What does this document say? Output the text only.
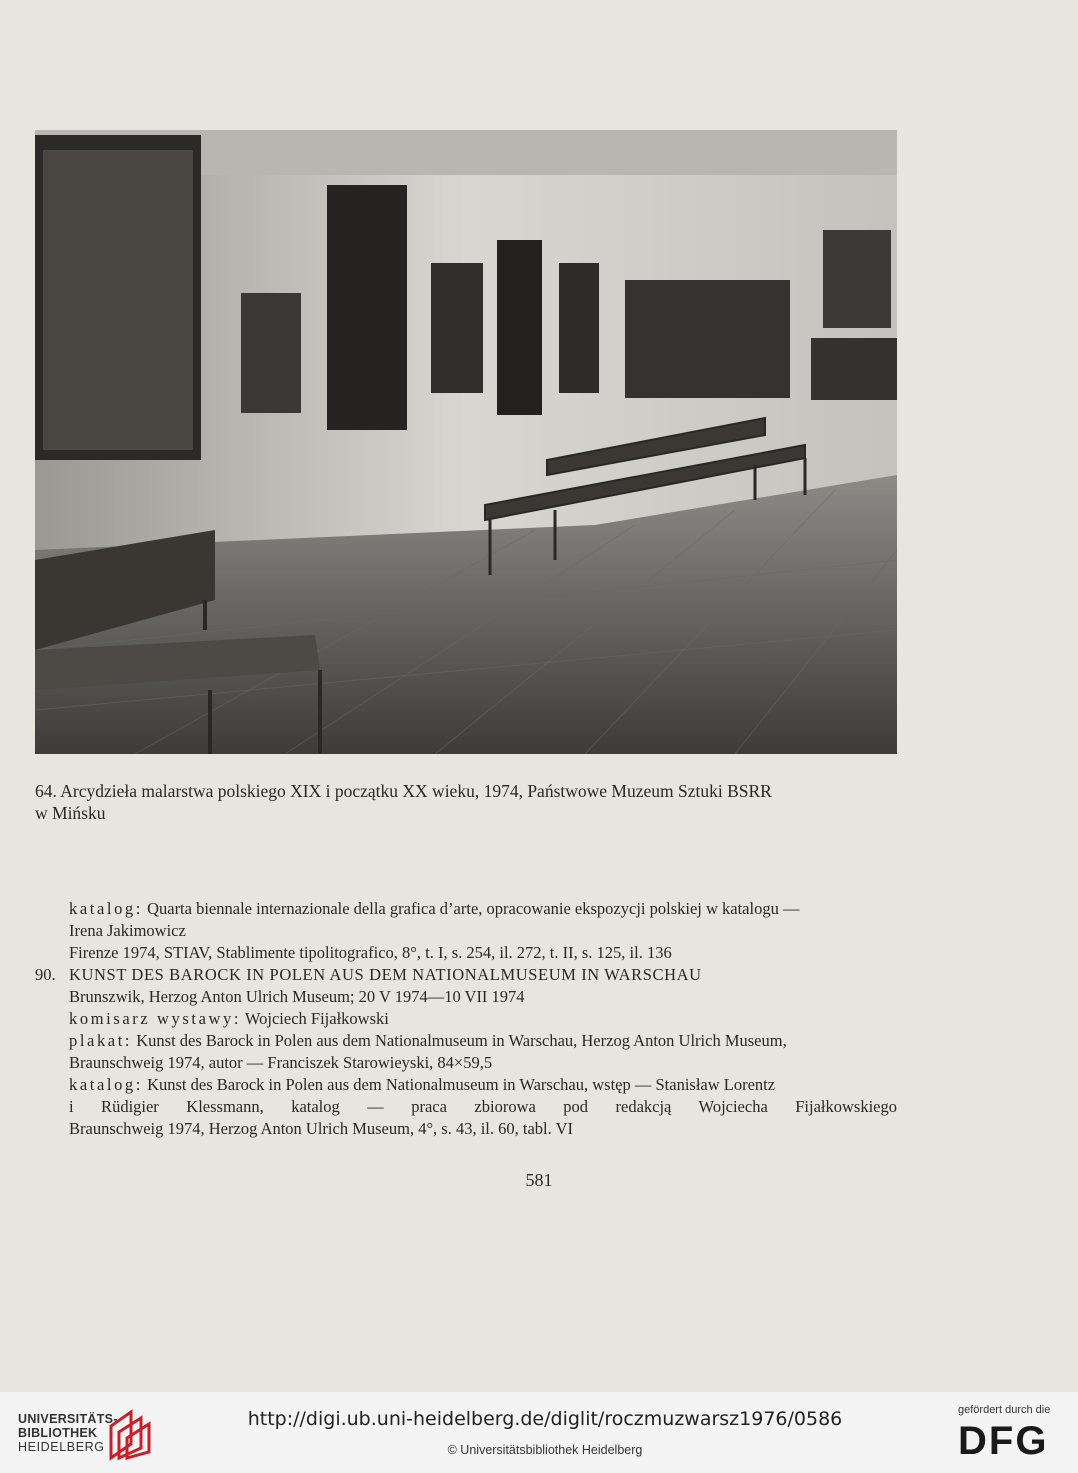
64. Arcydzieła malarstwa polskiego XIX i początku XX wieku, 1974, Państwowe Muzeum Sztuki BSRR
w Mińsku
katalog: Quarta biennale internazionale della grafica d’arte, opracowanie ekspozycji polskiej w katalogu —
Irena Jakimowicz
Firenze 1974, STIAV, Stablimente tipolitografico, 8°, t. I, s. 254, il. 272, t. II, s. 125, il. 136
90. KUNST DES BAROCK IN POLEN AUS DEM NATIONALMUSEUM IN WARSCHAU
Brunszwik, Herzog Anton Ulrich Museum; 20 V 1974—10 VII 1974
komisarz wystawy: Wojciech Fijałkowski
plakat: Kunst des Barock in Polen aus dem Nationalmuseum in Warschau, Herzog Anton Ulrich Museum,
Braunschweig 1974, autor — Franciszek Starowieyski, 84×59,5
katalog: Kunst des Barock in Polen aus dem Nationalmuseum in Warschau, wstęp — Stanisław Lorentz
i Rüdigier Klessmann, katalog — praca zbiorowa pod redakcją Wojciecha Fijałkowskiego
Braunschweig 1974, Herzog Anton Ulrich Museum, 4°, s. 43, il. 60, tabl. VI
581
UNIVERSITÄTS-
BIBLIOTHEK
HEIDELBERG
http://digi.ub.uni-heidelberg.de/diglit/roczmuzwarsz1976/0586
© Universitätsbibliothek Heidelberg
gefördert durch die
DFG
